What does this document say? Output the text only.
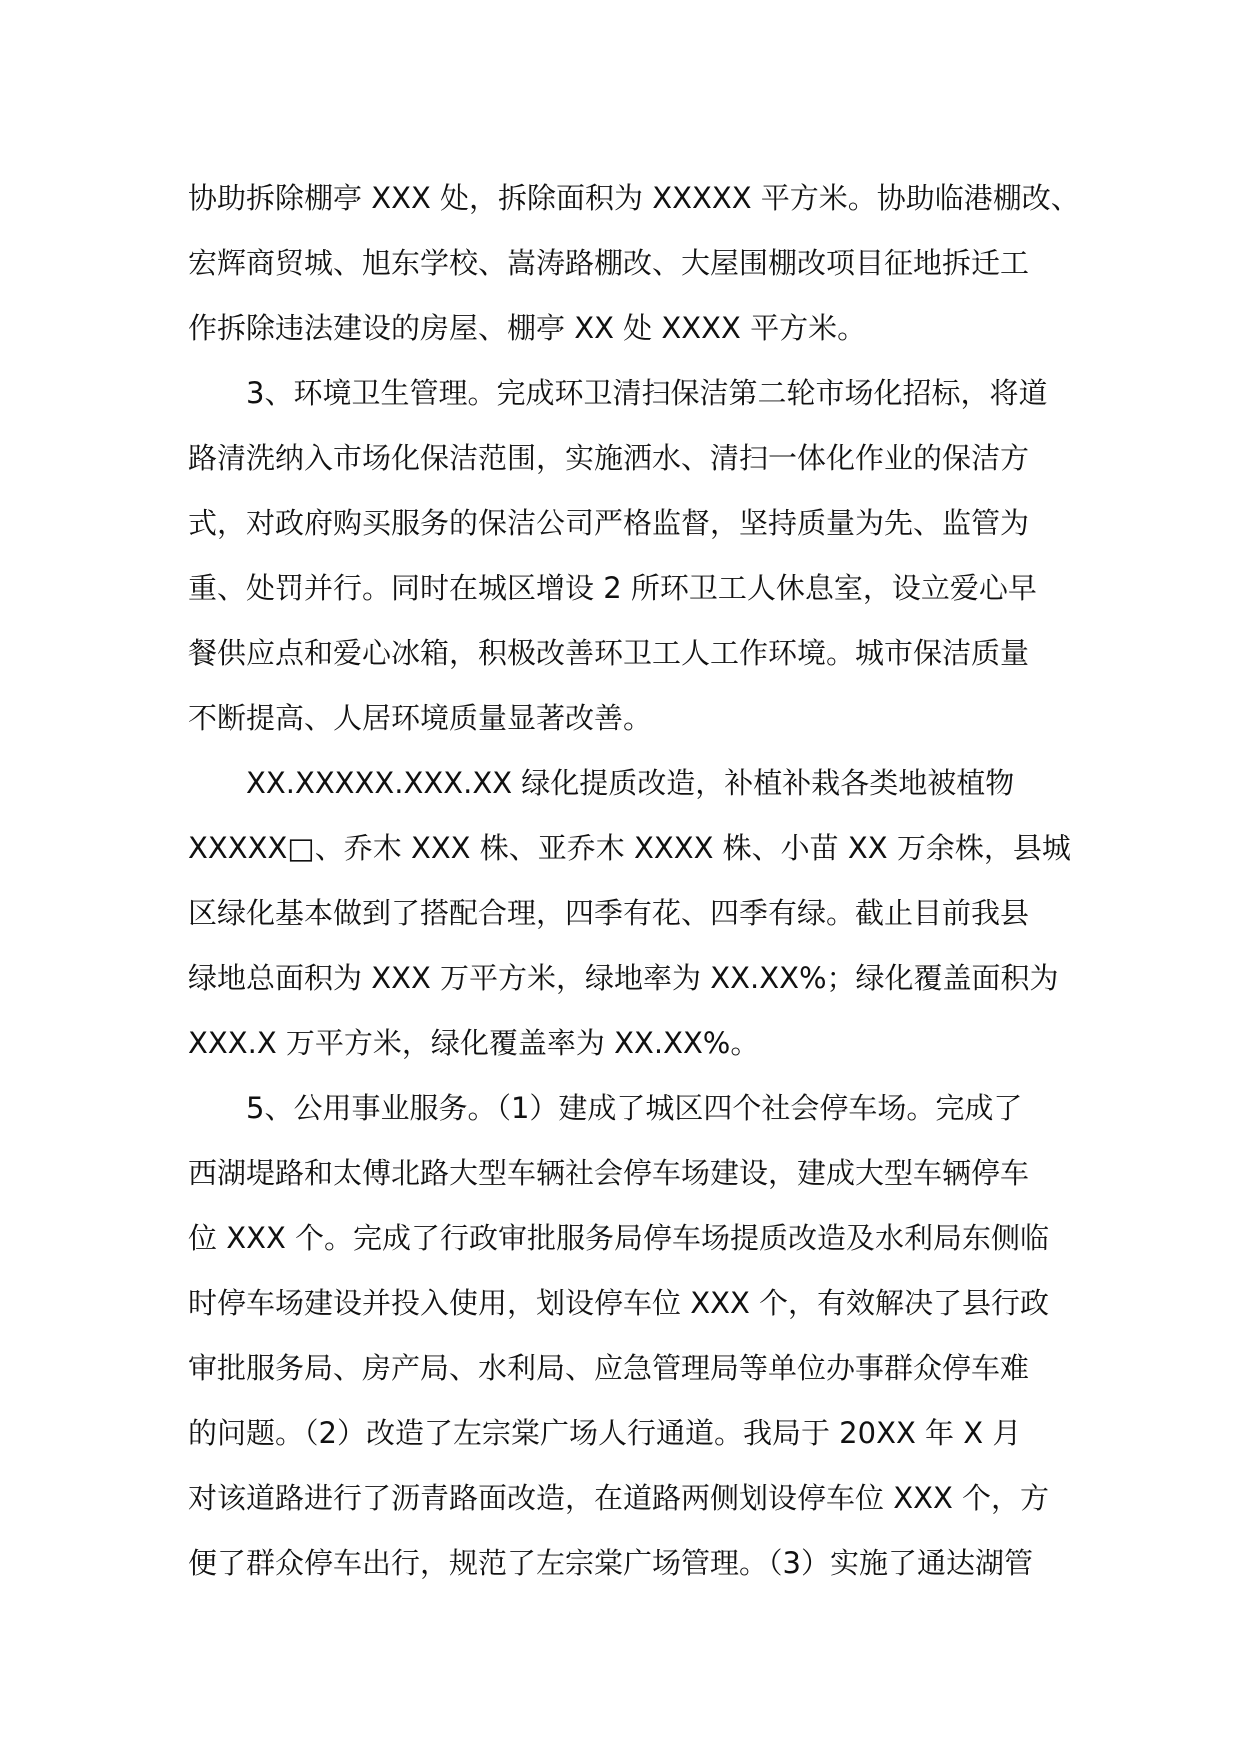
协助拆除棚亭 XXX 处，拆除面积为 XXXXX 平方米。协助临港棚改、
宏辉商贸城、旭东学校、嵩涛路棚改、大屋围棚改项目征地拆迁工
作拆除违法建设的房屋、棚亭 XX 处 XXXX 平方米。
3、环境卫生管理。完成环卫清扫保洁第二轮市场化招标，将道
路清洗纳入市场化保洁范围，实施洒水、清扫一体化作业的保洁方
式，对政府购买服务的保洁公司严格监督，坚持质量为先、监管为
重、处罚并行。同时在城区增设 2 所环卫工人休息室，设立爱心早
餐供应点和爱心冰箱，积极改善环卫工人工作环境。城市保洁质量
不断提高、人居环境质量显著改善。
XX.XXXXX.XXX.XX 绿化提质改造，补植补栽各类地被植物
XXXXX□、乔木 XXX 株、亚乔木 XXXX 株、小苗 XX 万余株，县城
区绿化基本做到了搭配合理，四季有花、四季有绿。截止目前我县
绿地总面积为 XXX 万平方米，绿地率为 XX.XX%；绿化覆盖面积为
XXX.X 万平方米，绿化覆盖率为 XX.XX%。
5、公用事业服务。（1）建成了城区四个社会停车场。完成了
西湖堤路和太傅北路大型车辆社会停车场建设，建成大型车辆停车
位 XXX 个。完成了行政审批服务局停车场提质改造及水利局东侧临
时停车场建设并投入使用，划设停车位 XXX 个，有效解决了县行政
审批服务局、房产局、水利局、应急管理局等单位办事群众停车难
的问题。（2）改造了左宗棠广场人行通道。我局于 20XX 年 X 月
对该道路进行了沥青路面改造，在道路两侧划设停车位 XXX 个，方
便了群众停车出行，规范了左宗棠广场管理。（3）实施了通达湖管
